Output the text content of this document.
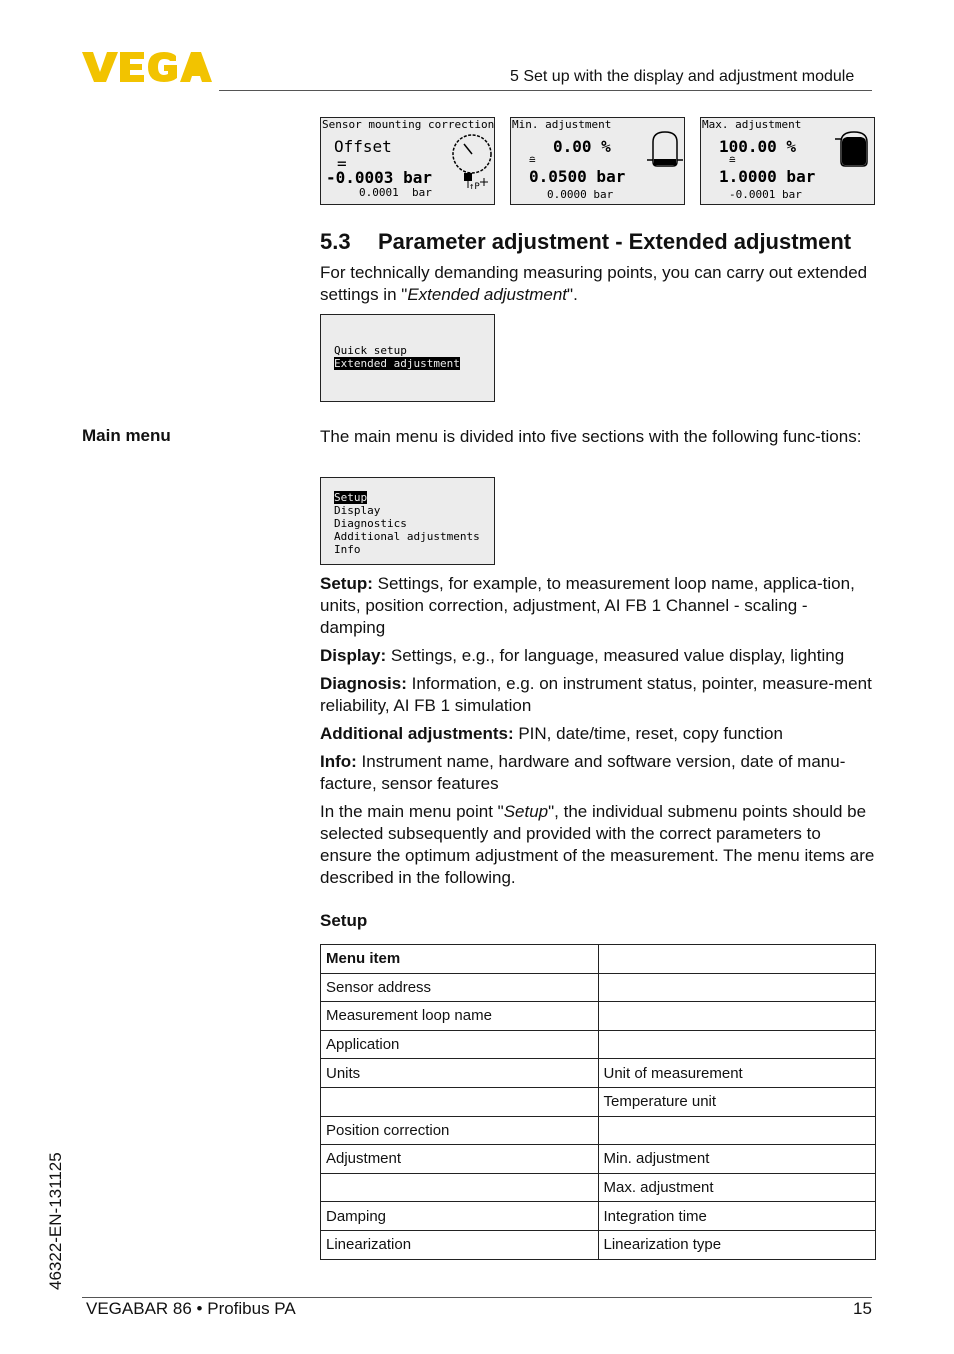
5 Set up with the display and adjustment module
Sensor mounting correction
Offset
=
-0.0003 bar
0.0001  bar	↑P
Min. adjustment
0.00 %
≘
0.0500 bar
0.0000 bar
Max. adjustment
100.00 %
≘
1.0000 bar
-0.0001 bar
5.3 Parameter adjustment - Extended adjustment
For technically demanding measuring points, you can carry out extended settings in "Extended adjustment".
Quick setup
Extended adjustment
Main menu	The main menu is divided into five sections with the following func-tions:
Setup
Display
Diagnostics
Additional adjustments
Info
Setup: Settings, for example, to measurement loop name, applica-tion, units, position correction, adjustment, AI FB 1 Channel - scaling - damping
Display: Settings, e.g., for language, measured value display, lighting
Diagnosis: Information, e.g. on instrument status, pointer, measure-ment reliability, AI FB 1 simulation
Additional adjustments: PIN, date/time, reset, copy function
Info: Instrument name, hardware and software version, date of manu-facture, sensor features
In the main menu point "Setup", the individual submenu points should be selected subsequently and provided with the correct parameters to ensure the optimum adjustment of the measurement. The menu items are described in the following.
Setup
Menu item	
Sensor address	
Measurement loop name	
Application	
Units	Unit of measurement
	Temperature unit
Position correction	
Adjustment	Min. adjustment
	Max. adjustment
Damping	Integration time
Linearization	Linearization type
46322-EN-131125
VEGABAR 86 • Profibus PA	15
